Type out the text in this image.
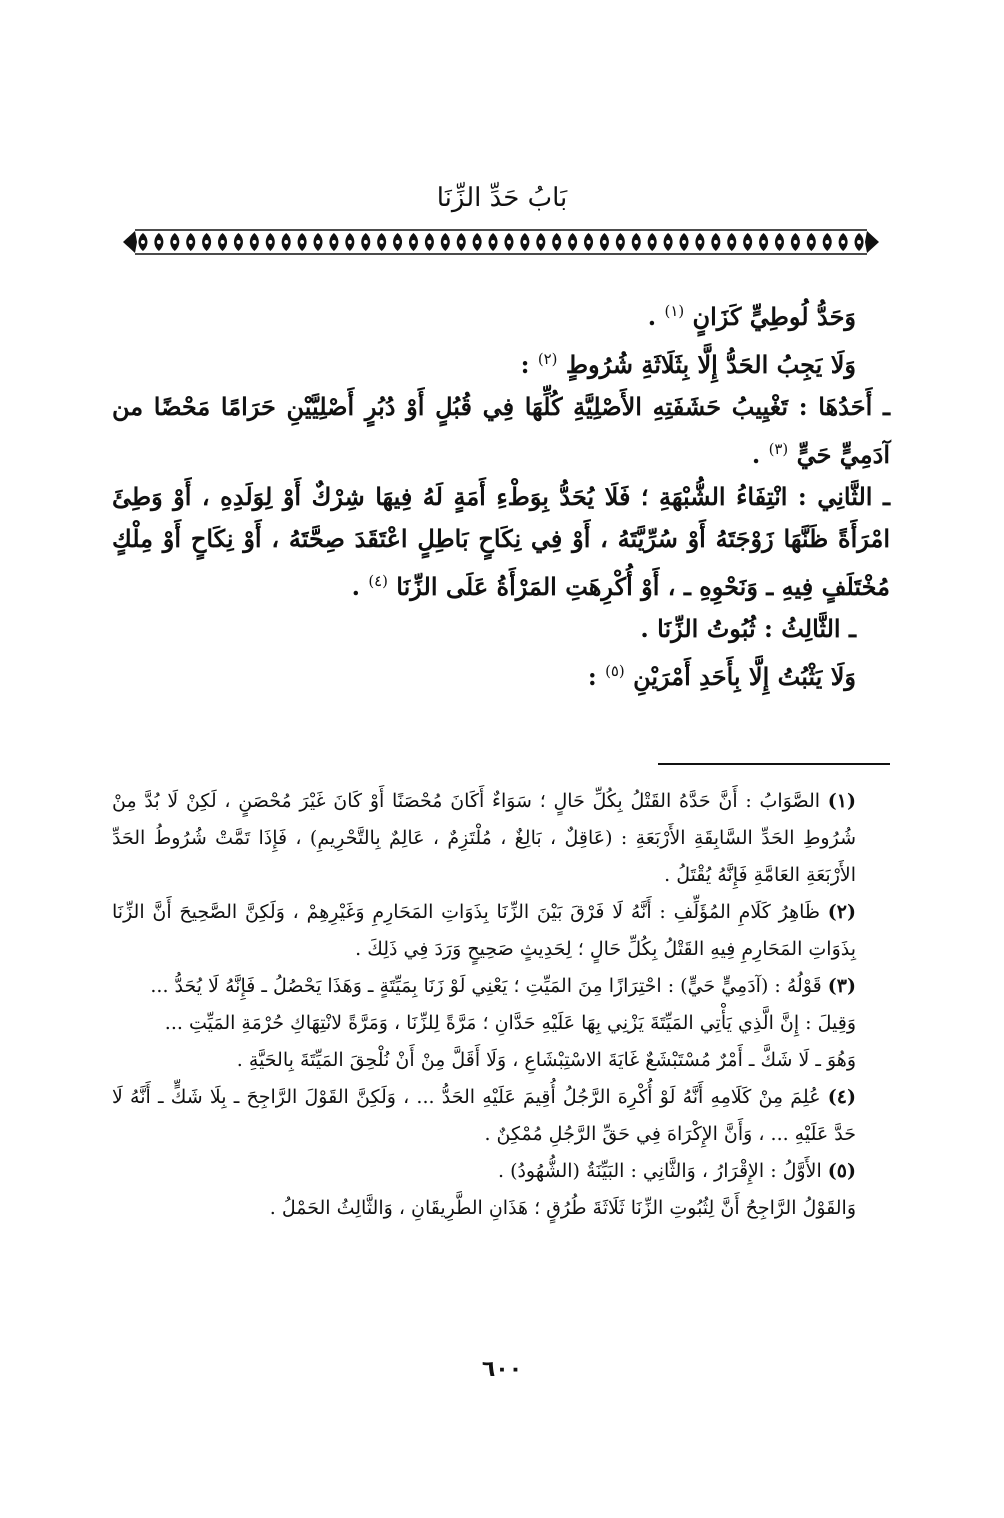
بَابُ حَدِّ الزِّنَا

وَحَدُّ لُوطِيٍّ كَزَانٍ $^{(١)}$ .

وَلَا يَجِبُ الحَدُّ إِلَّا بِثَلَاثَةِ شُرُوطٍ $^{(٢)}$ :

ـ أَحَدُهَا : تَغْيِيبُ حَشَفَتِهِ الأَصْلِيَّةِ كُلِّهَا فِي قُبُلٍ أَوْ دُبُرٍ أَصْلِيَّيْنِ حَرَامًا مَحْضًا من آدَمِيٍّ حَيٍّ $^{(٣)}$ .

ـ الثَّانِي : انْتِفَاءُ الشُّبْهَةِ ؛ فَلَا يُحَدُّ بِوَطْءِ أَمَةٍ لَهُ فِيهَا شِرْكٌ أَوْ لِوَلَدِهِ ، أَوْ وَطِئَ امْرَأَةً ظَنَّهَا زَوْجَتَهُ أَوْ سُرِّيَّتَهُ ، أَوْ فِي نِكَاحٍ بَاطِلٍ اعْتَقَدَ صِحَّتَهُ ، أَوْ نِكَاحٍ أَوْ مِلْكٍ مُخْتَلَفٍ فِيهِ ـ وَنَحْوِهِ ـ ، أَوْ أُكْرِهَتِ المَرْأَةُ عَلَى الزِّنَا $^{(٤)}$ .

ـ الثَّالِثُ : ثُبُوتُ الزِّنَا .

وَلَا يَثْبُتُ إِلَّا بِأَحَدِ أَمْرَيْنِ $^{(٥)}$ :

(١) الصَّوَابُ : أَنَّ حَدَّهُ القَتْلُ بِكُلِّ حَالٍ ؛ سَوَاءٌ أَكَانَ مُحْصَنًا أَوْ كَانَ غَيْرَ مُحْصَنٍ ، لَكِنْ لَا بُدَّ مِنْ شُرُوطِ الحَدِّ السَّابِقَةِ الأَرْبَعَةِ : (عَاقِلٌ ، بَالِغٌ ، مُلْتَزِمٌ ، عَالِمٌ بِالتَّحْرِيمِ) ، فَإِذَا تَمَّتْ شُرُوطُ الحَدِّ الأَرْبَعَةِ العَامَّةِ فَإِنَّهُ يُقْتَلُ .

(٢) ظَاهِرُ كَلَامِ المُؤَلِّفِ : أَنَّهُ لَا فَرْقَ بَيْنَ الزِّنَا بِذَوَاتِ المَحَارِمِ وَغَيْرِهِمْ ، وَلَكِنَّ الصَّحِيحَ أَنَّ الزِّنَا بِذَوَاتِ المَحَارِمِ فِيهِ القَتْلُ بِكُلِّ حَالٍ ؛ لِحَدِيثٍ صَحِيحٍ وَرَدَ فِي ذَلِكَ .

(٣) قَوْلُهُ : (آدَمِيٍّ حَيٍّ) : احْتِرَازًا مِنَ المَيِّتِ ؛ يَعْنِي لَوْ زَنَا بِمَيِّتَةٍ ـ وَهَذَا يَحْصُلُ ـ فَإِنَّهُ لَا يُحَدُّ ...

وَقِيلَ : إِنَّ الَّذِي يَأْتِي المَيِّتَةَ يَزْنِي بِهَا عَلَيْهِ حَدَّانِ ؛ مَرَّةً لِلزِّنَا ، وَمَرَّةً لانْتِهَاكِ حُرْمَةِ المَيِّتِ ...

وَهُوَ ـ لَا شَكَّ ـ أَمْرٌ مُسْتَبْشَعٌ غَايَةَ الاسْتِبْشَاعِ ، وَلَا أَقَلَّ مِنْ أَنْ نُلْحِقَ المَيِّتَةَ بِالحَيَّةِ .

(٤) عُلِمَ مِنْ كَلَامِهِ أَنَّهُ لَوْ أُكْرِهَ الرَّجُلُ أُقِيمَ عَلَيْهِ الحَدُّ ... ، وَلَكِنَّ القَوْلَ الرَّاجِحَ ـ بِلَا شَكٍّ ـ أَنَّهُ لَا حَدَّ عَلَيْهِ ... ، وَأَنَّ الإِكْرَاهَ فِي حَقِّ الرَّجُلِ مُمْكِنٌ .

(٥) الأَوَّلُ : الإِقْرَارُ ، وَالثَّانِي : البَيِّنَةُ (الشُّهُودُ) .

وَالقَوْلُ الرَّاجِحُ أَنَّ لِثُبُوتِ الزِّنَا ثَلَاثَةَ طُرُقٍ ؛ هَذَانِ الطَّرِيقَانِ ، وَالثَّالِثُ الحَمْلُ .

٦٠٠
